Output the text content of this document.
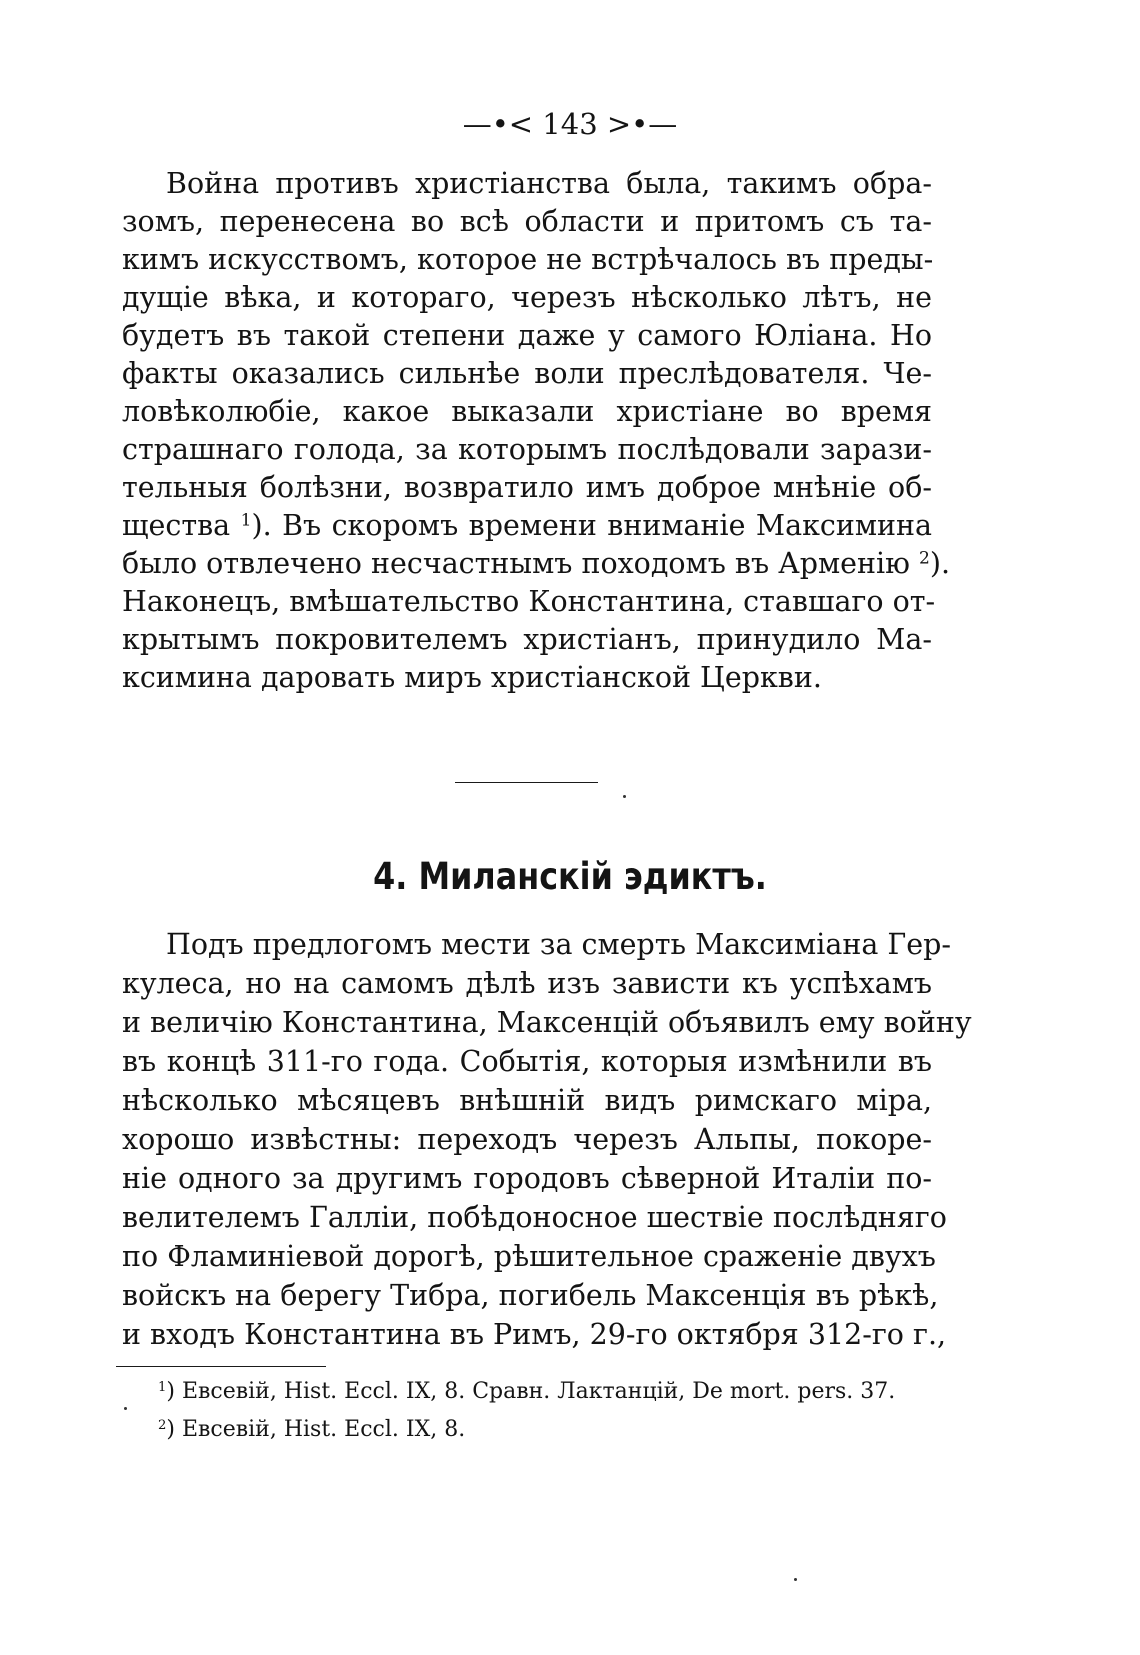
—•< 143 >•—
Война противъ христіанства была, такимъ обра-
зомъ, перенесена во всѣ области и притомъ съ та-
кимъ искусствомъ, которое не встрѣчалось въ преды-
дущіе вѣка, и котораго, черезъ нѣсколько лѣтъ, не
будетъ въ такой степени даже у самого Юліана. Но
факты оказались сильнѣе воли преслѣдователя. Че-
ловѣколюбіе, какое выказали христіане во время
страшнаго голода, за которымъ послѣдовали зарази-
тельныя болѣзни, возвратило имъ доброе мнѣніе об-
щества $^1$). Въ скоромъ времени вниманіе Максимина
было отвлечено несчастнымъ походомъ въ Арменію $^2$).
Наконецъ, вмѣшательство Константина, ставшаго от-
крытымъ покровителемъ христіанъ, принудило Ма-
ксимина даровать миръ христіанской Церкви.
4. Миланскій эдиктъ.
Подъ предлогомъ мести за смерть Максиміана Гер-
кулеса, но на самомъ дѣлѣ изъ зависти къ успѣхамъ
и величію Константина, Максенцій объявилъ ему войну
въ концѣ 311-го года. Событія, которыя измѣнили въ
нѣсколько мѣсяцевъ внѣшній видъ римскаго міра,
хорошо извѣстны: переходъ черезъ Альпы, покоре-
ніе одного за другимъ городовъ сѣверной Италіи по-
велителемъ Галліи, побѣдоносное шествіе послѣдняго
по Фламиніевой дорогѣ, рѣшительное сраженіе двухъ
войскъ на берегу Тибра, погибель Максенція въ рѣкѣ,
и входъ Константина въ Римъ, 29-го октября 312-го г.,
$^1$) Евсевій, Hist. Eccl. IX, 8. Сравн. Лактанцій, De mort. pers. 37.
$^2$) Евсевій, Hist. Eccl. IX, 8.
